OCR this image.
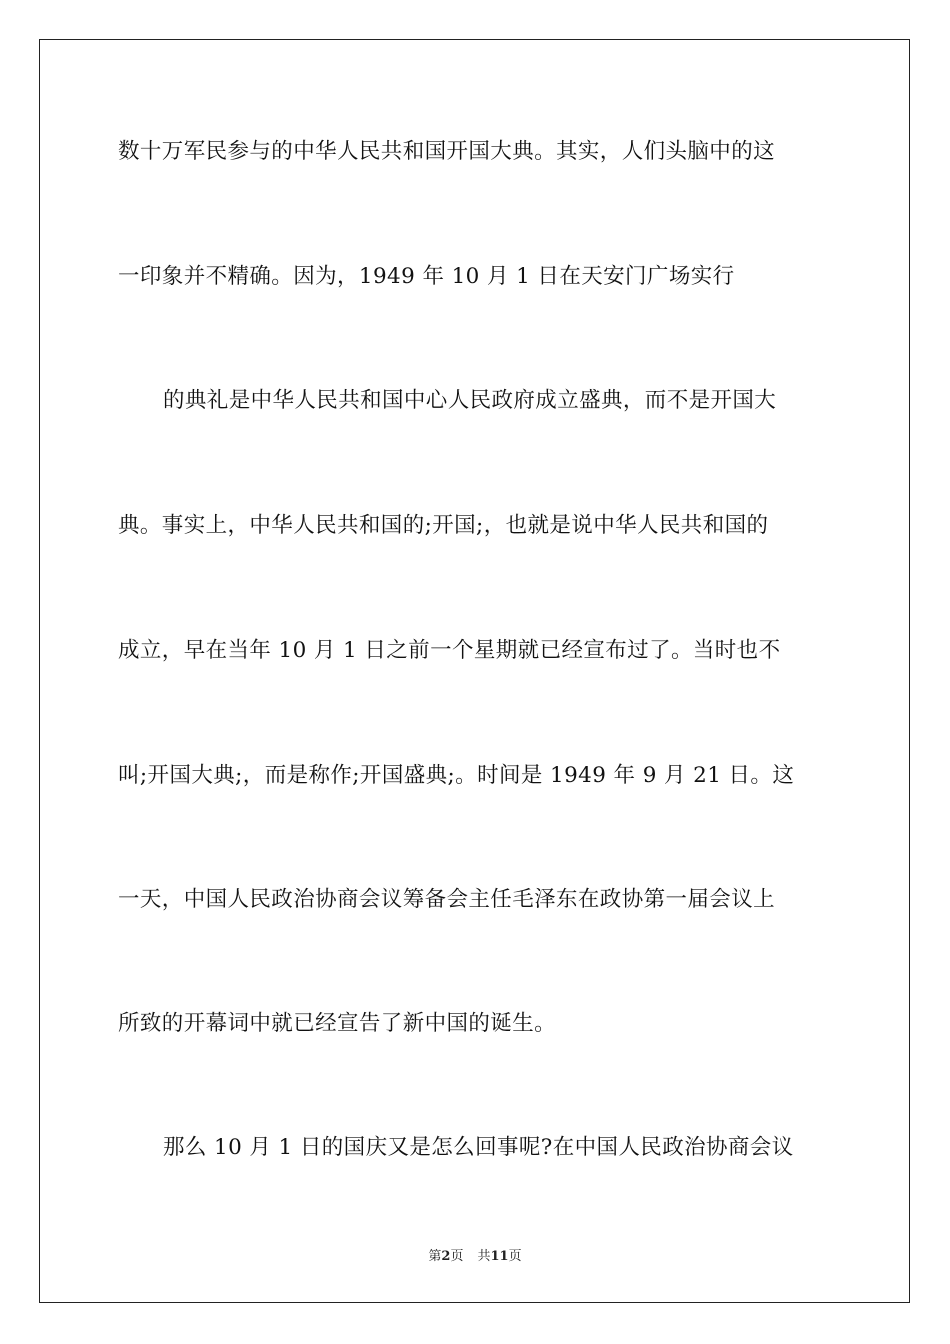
数十万军民参与的中华人民共和国开国大典。其实，人们头脑中的这
一印象并不精确。因为，1949 年 10 月 1 日在天安门广场实行
的典礼是中华人民共和国中心人民政府成立盛典，而不是开国大
典。事实上，中华人民共和国的;开国;，也就是说中华人民共和国的
成立，早在当年 10 月 1 日之前一个星期就已经宣布过了。当时也不
叫;开国大典;，而是称作;开国盛典;。时间是 1949 年 9 月 21 日。这
一天，中国人民政治协商会议筹备会主任毛泽东在政协第一届会议上
所致的开幕词中就已经宣告了新中国的诞生。
那么 10 月 1 日的国庆又是怎么回事呢?在中国人民政治协商会议
第2页 共11页
